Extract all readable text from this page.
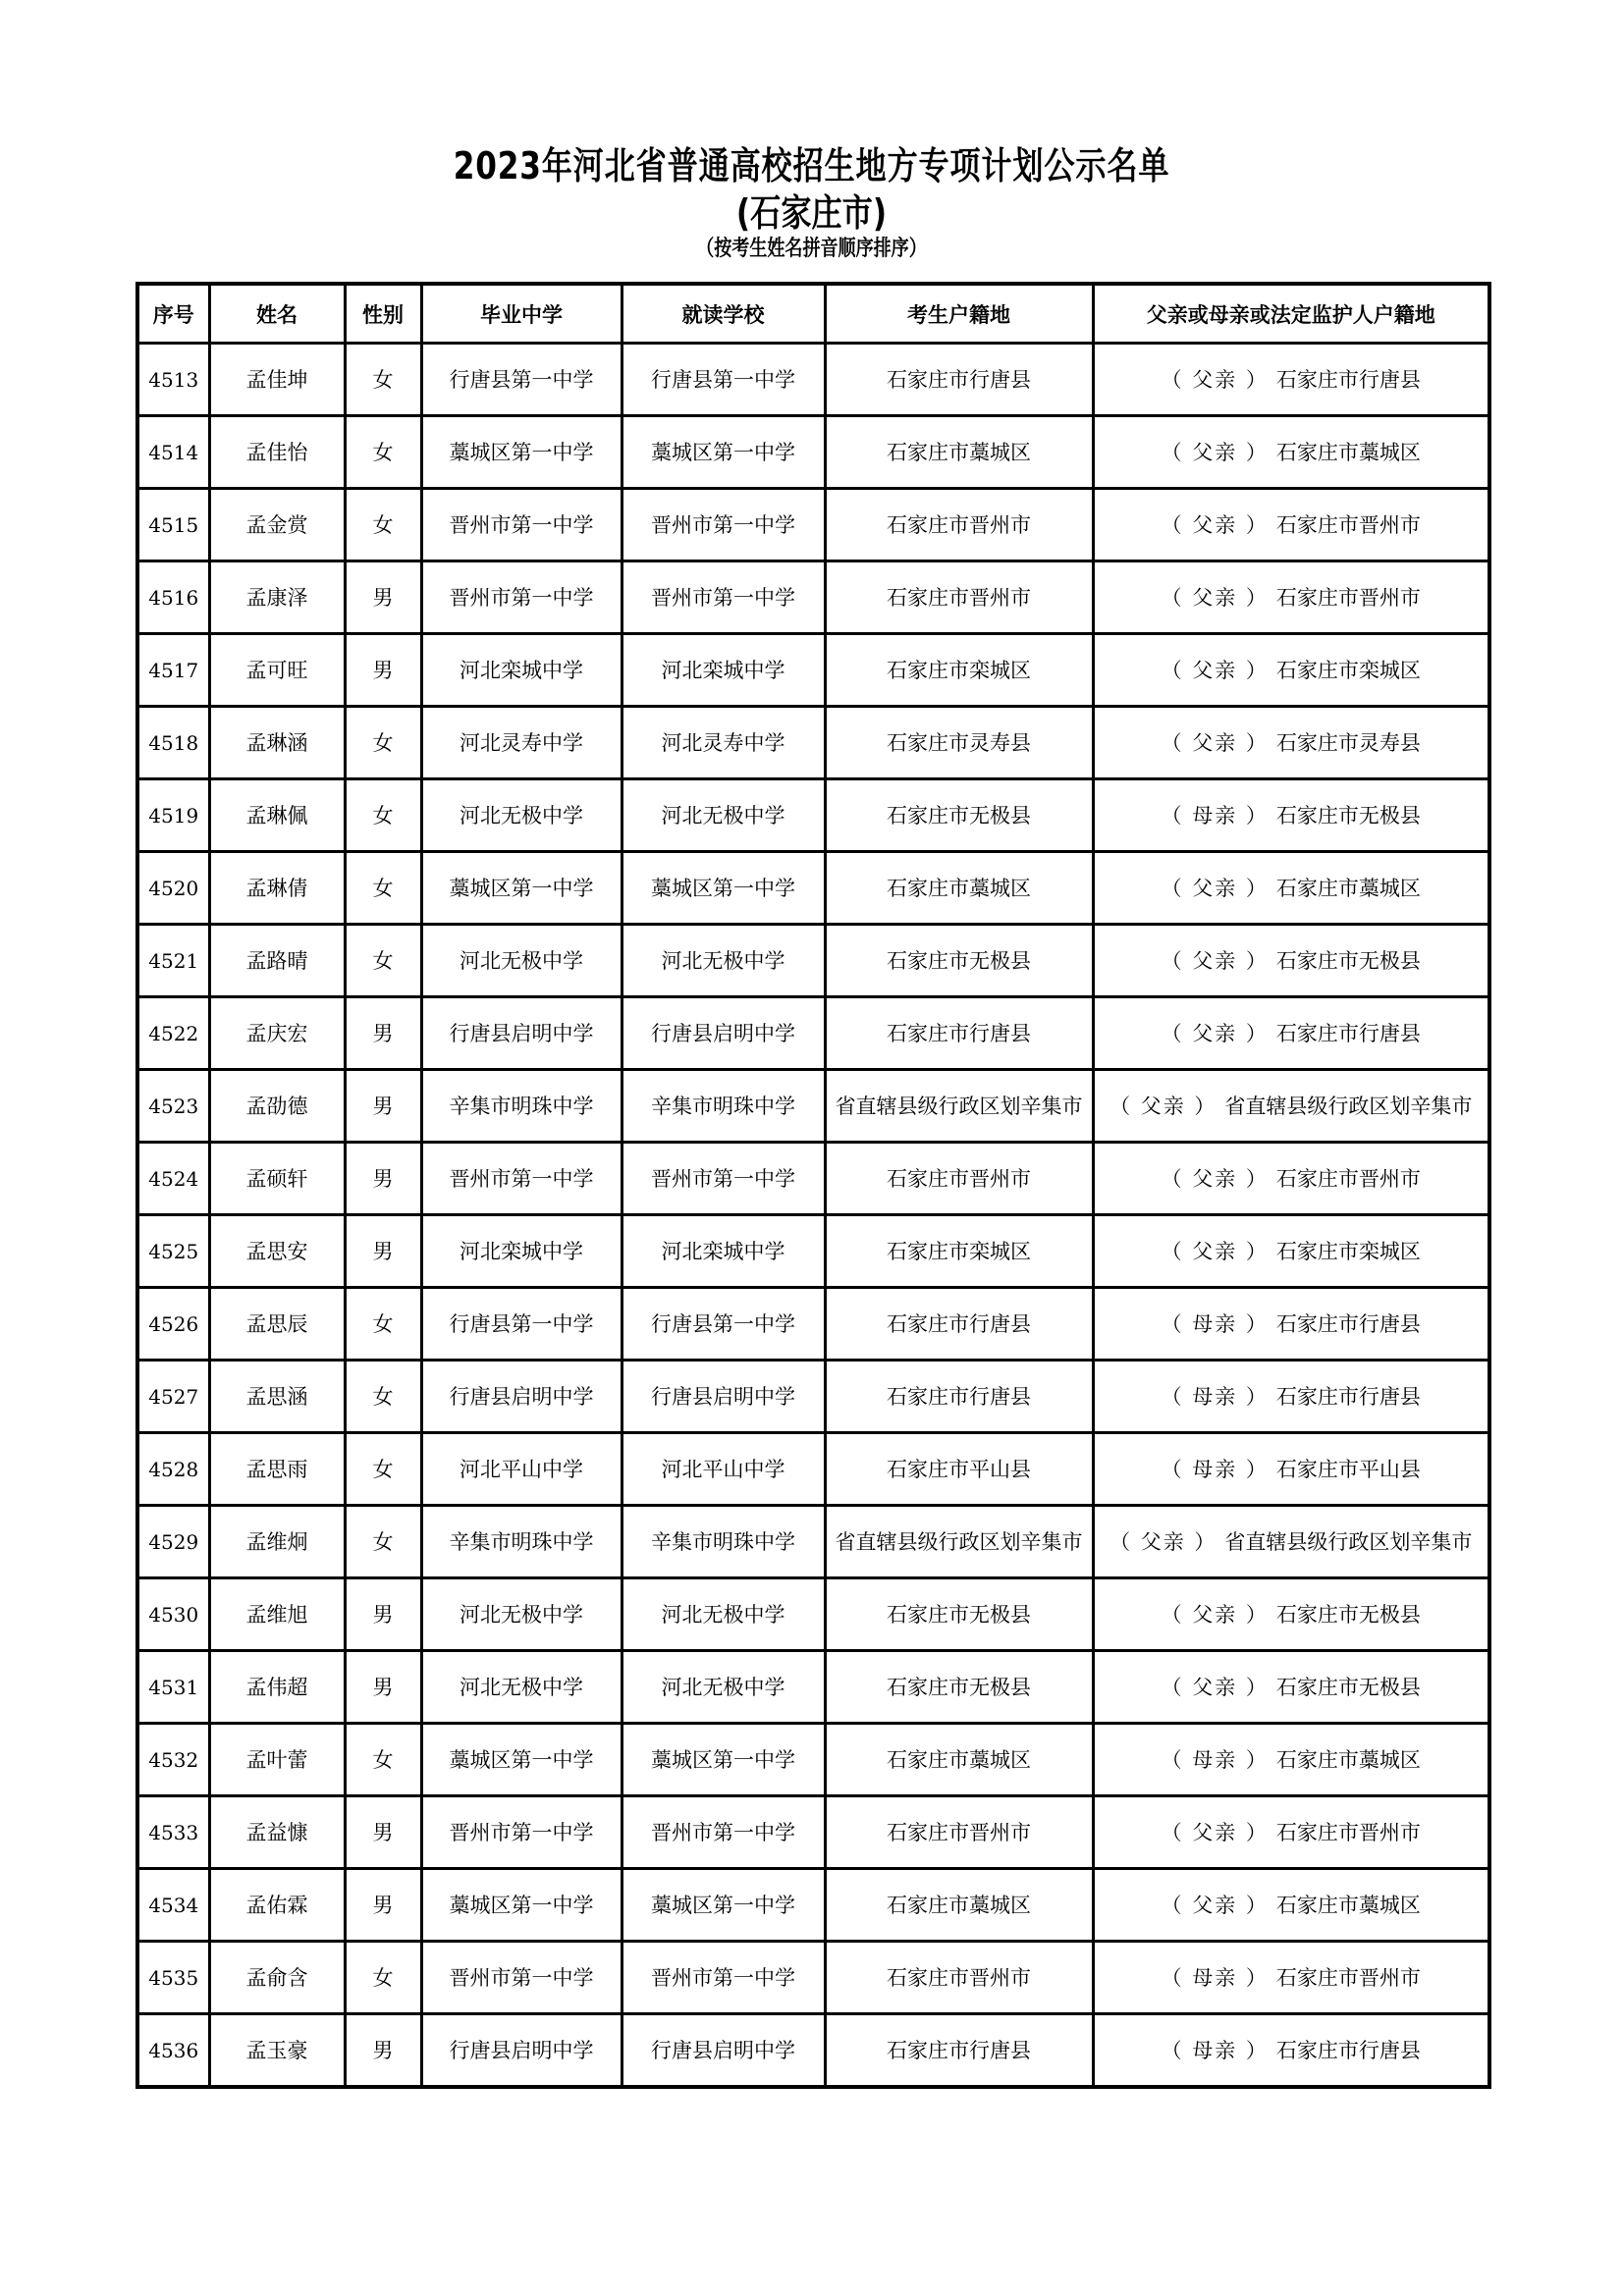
2023年河北省普通高校招生地方专项计划公示名单
(石家庄市)
（按考生姓名拼音顺序排序）
序号	姓名	性别	毕业中学	就读学校	考生户籍地	父亲或母亲或法定监护人户籍地
4513	孟佳坤	女	行唐县第一中学	行唐县第一中学	石家庄市行唐县	（ 父亲 ） 石家庄市行唐县
4514	孟佳怡	女	藁城区第一中学	藁城区第一中学	石家庄市藁城区	（ 父亲 ） 石家庄市藁城区
4515	孟金赏	女	晋州市第一中学	晋州市第一中学	石家庄市晋州市	（ 父亲 ） 石家庄市晋州市
4516	孟康泽	男	晋州市第一中学	晋州市第一中学	石家庄市晋州市	（ 父亲 ） 石家庄市晋州市
4517	孟可旺	男	河北栾城中学	河北栾城中学	石家庄市栾城区	（ 父亲 ） 石家庄市栾城区
4518	孟琳涵	女	河北灵寿中学	河北灵寿中学	石家庄市灵寿县	（ 父亲 ） 石家庄市灵寿县
4519	孟琳佩	女	河北无极中学	河北无极中学	石家庄市无极县	（ 母亲 ） 石家庄市无极县
4520	孟琳倩	女	藁城区第一中学	藁城区第一中学	石家庄市藁城区	（ 父亲 ） 石家庄市藁城区
4521	孟路晴	女	河北无极中学	河北无极中学	石家庄市无极县	（ 父亲 ） 石家庄市无极县
4522	孟庆宏	男	行唐县启明中学	行唐县启明中学	石家庄市行唐县	（ 父亲 ） 石家庄市行唐县
4523	孟劭德	男	辛集市明珠中学	辛集市明珠中学	省直辖县级行政区划辛集市	（ 父亲 ） 省直辖县级行政区划辛集市
4524	孟硕轩	男	晋州市第一中学	晋州市第一中学	石家庄市晋州市	（ 父亲 ） 石家庄市晋州市
4525	孟思安	男	河北栾城中学	河北栾城中学	石家庄市栾城区	（ 父亲 ） 石家庄市栾城区
4526	孟思辰	女	行唐县第一中学	行唐县第一中学	石家庄市行唐县	（ 母亲 ） 石家庄市行唐县
4527	孟思涵	女	行唐县启明中学	行唐县启明中学	石家庄市行唐县	（ 母亲 ） 石家庄市行唐县
4528	孟思雨	女	河北平山中学	河北平山中学	石家庄市平山县	（ 母亲 ） 石家庄市平山县
4529	孟维炯	女	辛集市明珠中学	辛集市明珠中学	省直辖县级行政区划辛集市	（ 父亲 ） 省直辖县级行政区划辛集市
4530	孟维旭	男	河北无极中学	河北无极中学	石家庄市无极县	（ 父亲 ） 石家庄市无极县
4531	孟伟超	男	河北无极中学	河北无极中学	石家庄市无极县	（ 父亲 ） 石家庄市无极县
4532	孟叶蕾	女	藁城区第一中学	藁城区第一中学	石家庄市藁城区	（ 母亲 ） 石家庄市藁城区
4533	孟益慷	男	晋州市第一中学	晋州市第一中学	石家庄市晋州市	（ 父亲 ） 石家庄市晋州市
4534	孟佑霖	男	藁城区第一中学	藁城区第一中学	石家庄市藁城区	（ 父亲 ） 石家庄市藁城区
4535	孟俞含	女	晋州市第一中学	晋州市第一中学	石家庄市晋州市	（ 母亲 ） 石家庄市晋州市
4536	孟玉豪	男	行唐县启明中学	行唐县启明中学	石家庄市行唐县	（ 母亲 ） 石家庄市行唐县
